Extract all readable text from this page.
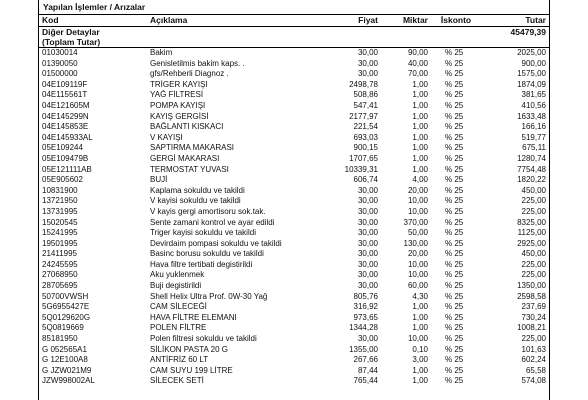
Yapılan İşlemler / Arızalar
Kod	Açıklama	Fiyat	Miktar	İskonto	Tutar
Diğer Detaylar					45479,39
(Toplam Tutar)					
01030014	Bakim	30,00	90,00	% 25	2025,00
01390050	Genisletilmis bakim kaps. .	30,00	40,00	% 25	900,00
01500000	gfs/Rehberli Diagnoz .	30,00	70,00	% 25	1575,00
04E109119F	TRİGER KAYIŞI	2498,78	1,00	% 25	1874,09
04E115561T	YAĞ FİLTRESİ	508,86	1,00	% 25	381,65
04E121605M	POMPA KAYIŞI	547,41	1,00	% 25	410,56
04E145299N	KAYIŞ GERGİSİ	2177,97	1,00	% 25	1633,48
04E145853E	BAĞLANTI KISKACI	221,54	1,00	% 25	166,16
04E145933AL	V KAYIŞI	693,03	1,00	% 25	519,77
05E109244	SAPTIRMA MAKARASI	900,15	1,00	% 25	675,11
05E109479B	GERGİ MAKARASI	1707,65	1,00	% 25	1280,74
05E121111AB	TERMOSTAT YUVASI	10339,31	1,00	% 25	7754,48
05E905602	BUJİ	606,74	4,00	% 25	1820,22
10831900	Kaplama sokuldu ve takildi	30,00	20,00	% 25	450,00
13721950	V kayisi sokuldu ve takildi	30,00	10,00	% 25	225,00
13731995	V kayis gergi amortisoru sok.tak.	30,00	10,00	% 25	225,00
15020545	Sente zamani kontrol ve ayar edildi	30,00	370,00	% 25	8325,00
15241995	Triger kayisi sokuldu ve takildi	30,00	50,00	% 25	1125,00
19501995	Devirdaim pompasi sokuldu ve takildi	30,00	130,00	% 25	2925,00
21411995	Basinc borusu sokuldu ve takildi	30,00	20,00	% 25	450,00
24245595	Hava filtre tertibati degistirildi	30,00	10,00	% 25	225,00
27068950	Aku yuklenmek	30,00	10,00	% 25	225,00
28705695	Buji degistirildi	30,00	60,00	% 25	1350,00
50700VWSH	Shell Helix Ultra Prof. 0W-30 Yağ	805,76	4,30	% 25	2598,58
5G6955427E	CAM SİLECEĞİ	316,92	1,00	% 25	237,69
5Q0129620G	HAVA FİLTRE ELEMANI	973,65	1,00	% 25	730,24
5Q0819669	POLEN FİLTRE	1344,28	1,00	% 25	1008,21
85181950	Polen filtresi sokuldu ve takildi	30,00	10,00	% 25	225,00
G 052565A1	SİLİKON PASTA 20 G	1355,00	0,10	% 25	101,63
G 12E100A8	ANTİFRİZ 60 LT	267,66	3,00	% 25	602,24
G JZW021M9	CAM SUYU 199 LİTRE	87,44	1,00	% 25	65,58
JZW998002AL	SİLECEK SETİ	765,44	1,00	% 25	574,08
